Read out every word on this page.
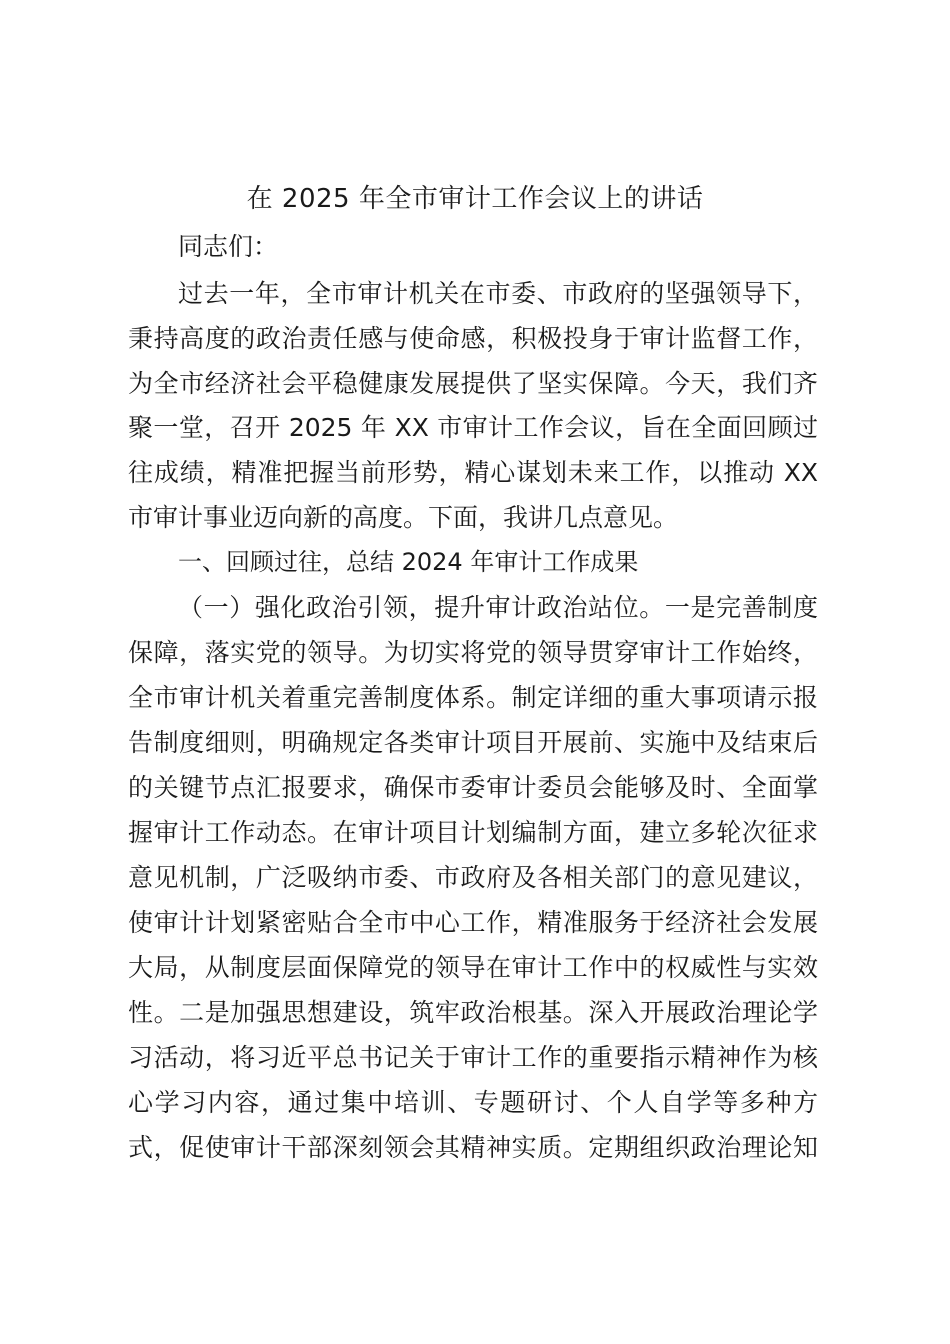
在 2025 年全市审计工作会议上的讲话
同志们：
过去一年，全市审计机关在市委、市政府的坚强领导下，
秉持高度的政治责任感与使命感，积极投身于审计监督工作，
为全市经济社会平稳健康发展提供了坚实保障。今天，我们齐
聚一堂，召开 2025 年 XX 市审计工作会议，旨在全面回顾过
往成绩，精准把握当前形势，精心谋划未来工作，以推动 XX
市审计事业迈向新的高度。下面，我讲几点意见。
一、回顾过往，总结 2024 年审计工作成果
（一）强化政治引领，提升审计政治站位。一是完善制度
保障，落实党的领导。为切实将党的领导贯穿审计工作始终，
全市审计机关着重完善制度体系。制定详细的重大事项请示报
告制度细则，明确规定各类审计项目开展前、实施中及结束后
的关键节点汇报要求，确保市委审计委员会能够及时、全面掌
握审计工作动态。在审计项目计划编制方面，建立多轮次征求
意见机制，广泛吸纳市委、市政府及各相关部门的意见建议，
使审计计划紧密贴合全市中心工作，精准服务于经济社会发展
大局，从制度层面保障党的领导在审计工作中的权威性与实效
性。二是加强思想建设，筑牢政治根基。深入开展政治理论学
习活动，将习近平总书记关于审计工作的重要指示精神作为核
心学习内容，通过集中培训、专题研讨、个人自学等多种方
式，促使审计干部深刻领会其精神实质。定期组织政治理论知
